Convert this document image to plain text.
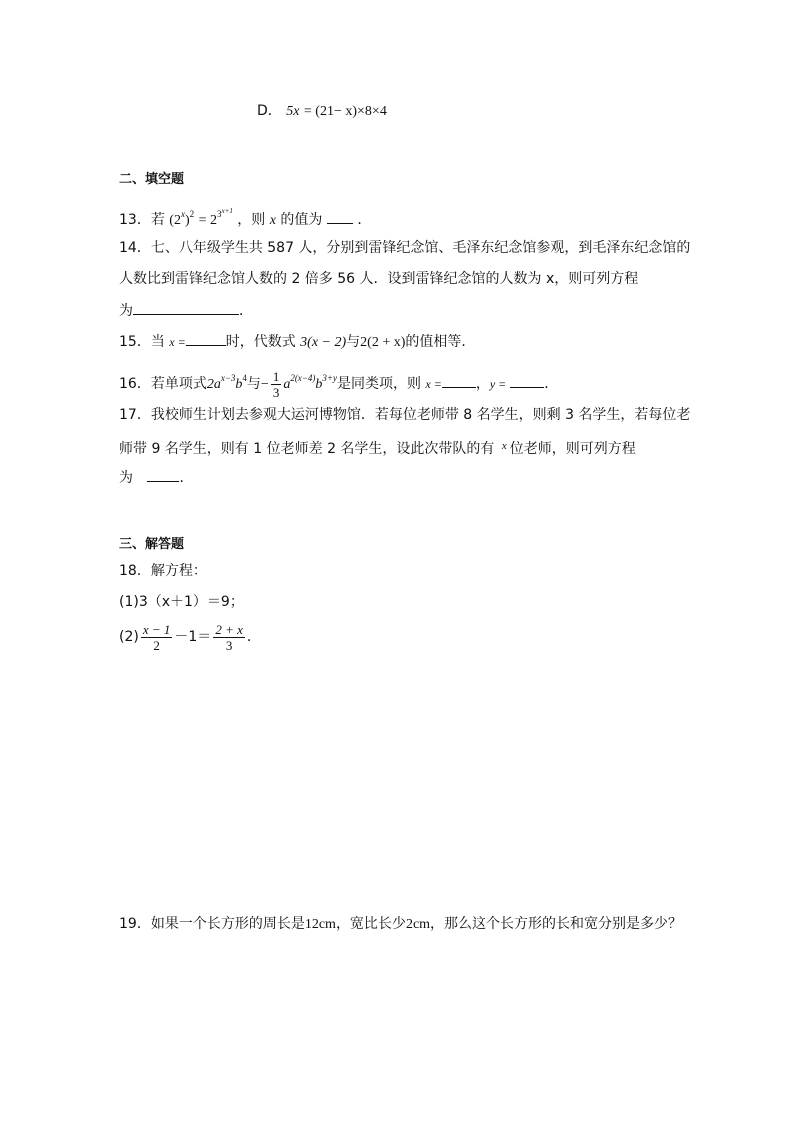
D． 5x = (21− x)×8×4
二、填空题
13．若 $(2^x)^2 = 2^{3x+1}$ ，则 x 的值为 ．
14．七、八年级学生共 587 人，分别到雷锋纪念馆、毛泽东纪念馆参观，到毛泽东纪念馆的
人数比到雷锋纪念馆人数的 2 倍多 56 人．设到雷锋纪念馆的人数为 x，则可列方程
为	．
15．当 x =	时，代数式 3(x − 2)与2(2 + x)的值相等．
16．若单项式$2a^{x-3}b^4$与− $\frac{1}{3} a^{2(x-4)}b^{3+y}$是同类项，则 x = ，y =	．
17．我校师生计划去参观大运河博物馆．若每位老师带 8 名学生，则剩 3 名学生，若每位老
师带 9 名学生，则有 1 位老师差 2 名学生，设此次带队的有 $^x$ 位老师，则可列方程
为	．
三、解答题
18．解方程：
(1)3（x＋1）＝9；
$(2) \frac{x - 1}{2} -1= \frac{2 + x}{3}$ ．
19．如果一个长方形的周长是12cm，宽比长少2cm，那么这个长方形的长和宽分别是多少？
